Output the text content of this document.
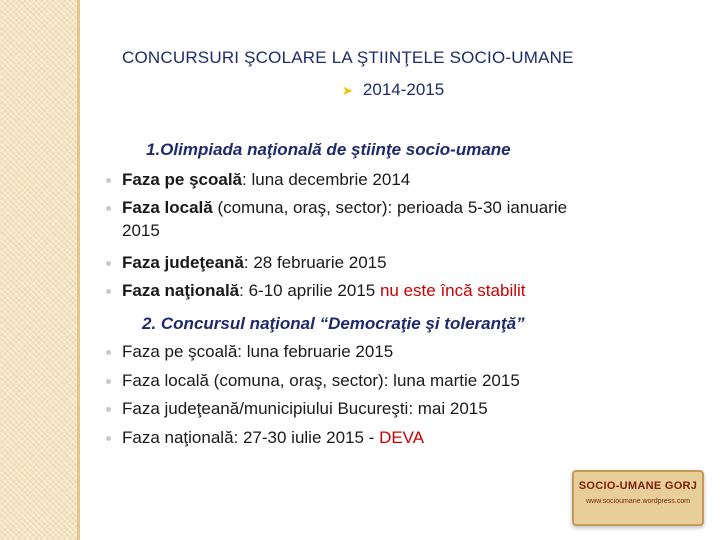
CONCURSURI ŞCOLARE LA ŞTIINŢELE SOCIO-UMANE
➤ 2014-2015
1.Olimpiada naţională de ştiinţe socio-umane
Faza pe şcoală: luna decembrie 2014
Faza locală (comuna, oraş, sector): perioada 5-30 ianuarie
2015
Faza judeţeană: 28 februarie 2015
Faza naţională: 6-10 aprilie 2015 nu este încă stabilit
2. Concursul naţional “Democraţie şi toleranţă”
Faza pe şcoală: luna februarie 2015
Faza locală (comuna, oraş, sector): luna martie 2015
Faza judeţeană/municipiului Bucureşti: mai 2015
Faza naţională: 27-30 iulie 2015 - DEVA
SOCIO-UMANE GORJ
www.socioumane.wordpress.com
